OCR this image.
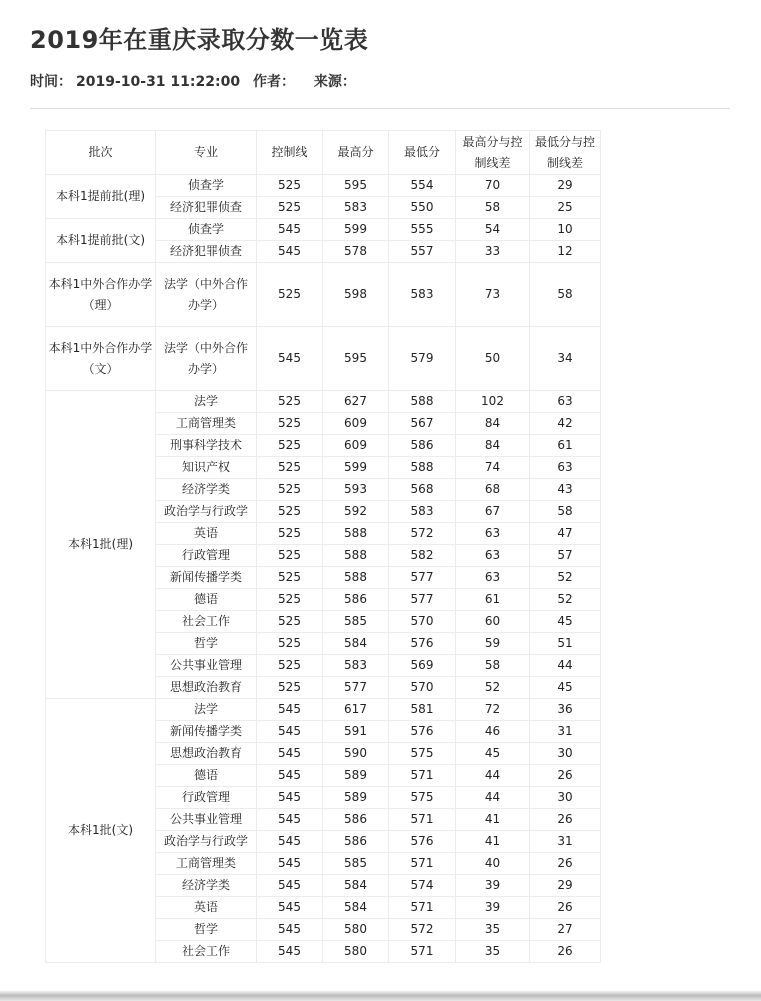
2019年在重庆录取分数一览表
时间： 2019-10-31 11:22:00 作者： 来源：
批次	专业	控制线	最高分	最低分	最高分与控制线差	最低分与控制线差
本科1提前批(理)	侦查学	525	595	554	70	29
	经济犯罪侦查	525	583	550	58	25
本科1提前批(文)	侦查学	545	599	555	54	10
	经济犯罪侦查	545	578	557	33	12
本科1中外合作办学（理）	法学（中外合作办学）	525	598	583	73	58
本科1中外合作办学（文）	法学（中外合作办学）	545	595	579	50	34
本科1批(理)	法学	525	627	588	102	63
	工商管理类	525	609	567	84	42
	刑事科学技术	525	609	586	84	61
	知识产权	525	599	588	74	63
	经济学类	525	593	568	68	43
	政治学与行政学	525	592	583	67	58
	英语	525	588	572	63	47
	行政管理	525	588	582	63	57
	新闻传播学类	525	588	577	63	52
	德语	525	586	577	61	52
	社会工作	525	585	570	60	45
	哲学	525	584	576	59	51
	公共事业管理	525	583	569	58	44
	思想政治教育	525	577	570	52	45
本科1批(文)	法学	545	617	581	72	36
	新闻传播学类	545	591	576	46	31
	思想政治教育	545	590	575	45	30
	德语	545	589	571	44	26
	行政管理	545	589	575	44	30
	公共事业管理	545	586	571	41	26
	政治学与行政学	545	586	576	41	31
	工商管理类	545	585	571	40	26
	经济学类	545	584	574	39	29
	英语	545	584	571	39	26
	哲学	545	580	572	35	27
	社会工作	545	580	571	35	26
